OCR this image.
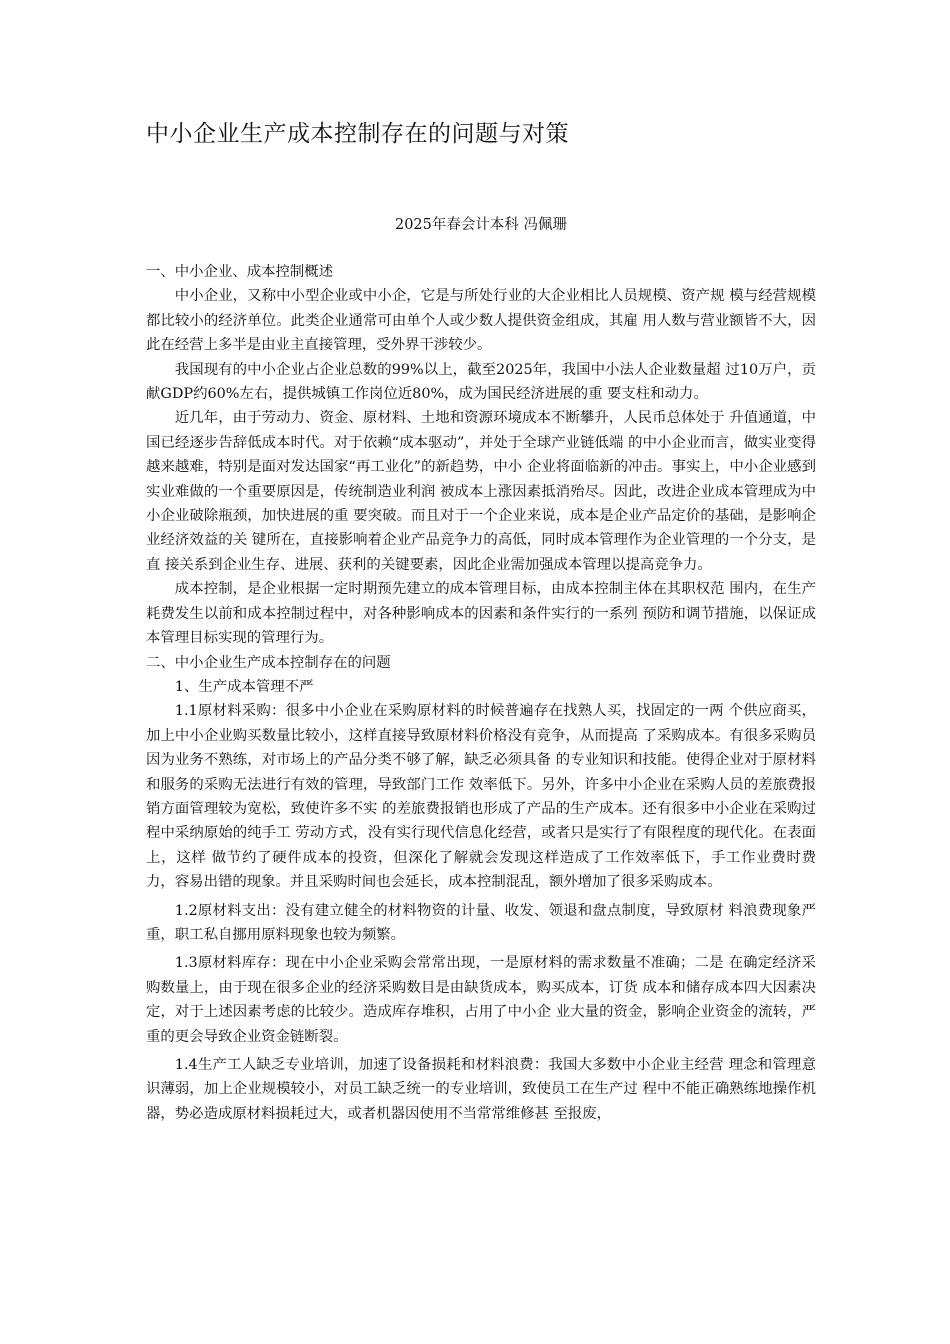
中小企业生产成本控制存在的问题与对策
2025年春会计本科 冯佩珊

一、中小企业、成本控制概述

中小企业，又称中小型企业或中小企，它是与所处行业的大企业相比人员规模、资产规 模与经营规模都比较小的经济单位。此类企业通常可由单个人或少数人提供资金组成，其雇 用人数与营业额皆不大，因此在经营上多半是由业主直接管理，受外界干涉较少。

我国现有的中小企业占企业总数的99%以上，截至2025年，我国中小法人企业数量超 过10万户，贡献GDP约60%左右，提供城镇工作岗位近80%，成为国民经济进展的重 要支柱和动力。

近几年，由于劳动力、资金、原材料、土地和资源环境成本不断攀升，人民币总体处于 升值通道，中国已经逐步告辞低成本时代。对于依赖“成本驱动”，并处于全球产业链低端 的中小企业而言，做实业变得越来越难，特别是面对发达国家“再工业化”的新趋势，中小 企业将面临新的冲击。事实上，中小企业感到实业难做的一个重要原因是，传统制造业利润 被成本上涨因素抵消殆尽。因此，改进企业成本管理成为中小企业破除瓶颈，加快进展的重 要突破。而且对于一个企业来说，成本是企业产品定价的基础，是影响企业经济效益的关 键所在，直接影响着企业产品竞争力的高低，同时成本管理作为企业管理的一个分支，是直 接关系到企业生存、进展、获利的关键要素，因此企业需加强成本管理以提高竞争力。

成本控制，是企业根据一定时期预先建立的成本管理目标，由成本控制主体在其职权范 围内，在生产耗费发生以前和成本控制过程中，对各种影响成本的因素和条件实行的一系列 预防和调节措施，以保证成本管理目标实现的管理行为。

二、中小企业生产成本控制存在的问题

1、生产成本管理不严

1.1原材料采购：很多中小企业在采购原材料的时候普遍存在找熟人买，找固定的一两 个供应商买，加上中小企业购买数量比较小，这样直接导致原材料价格没有竞争，从而提高 了采购成本。有很多采购员因为业务不熟练，对市场上的产品分类不够了解，缺乏必须具备 的专业知识和技能。使得企业对于原材料和服务的采购无法进行有效的管理，导致部门工作 效率低下。另外，许多中小企业在采购人员的差旅费报销方面管理较为宽松，致使许多不实 的差旅费报销也形成了产品的生产成本。还有很多中小企业在采购过程中采纳原始的纯手工 劳动方式，没有实行现代信息化经营，或者只是实行了有限程度的现代化。在表面上，这样 做节约了硬件成本的投资，但深化了解就会发现这样造成了工作效率低下，手工作业费时费 力，容易出错的现象。并且采购时间也会延长，成本控制混乱，额外增加了很多采购成本。

1.2原材料支出：没有建立健全的材料物资的计量、收发、领退和盘点制度，导致原材 料浪费现象严重，职工私自挪用原料现象也较为频繁。

1.3原材料库存：现在中小企业采购会常常出现，一是原材料的需求数量不准确；二是 在确定经济采购数量上，由于现在很多企业的经济采购数目是由缺货成本，购买成本，订货 成本和储存成本四大因素决定，对于上述因素考虑的比较少。造成库存堆积，占用了中小企 业大量的资金，影响企业资金的流转，严重的更会导致企业资金链断裂。

1.4生产工人缺乏专业培训，加速了设备损耗和材料浪费：我国大多数中小企业主经营 理念和管理意识薄弱，加上企业规模较小，对员工缺乏统一的专业培训，致使员工在生产过 程中不能正确熟练地操作机器，势必造成原材料损耗过大，或者机器因使用不当常常维修甚 至报废，
